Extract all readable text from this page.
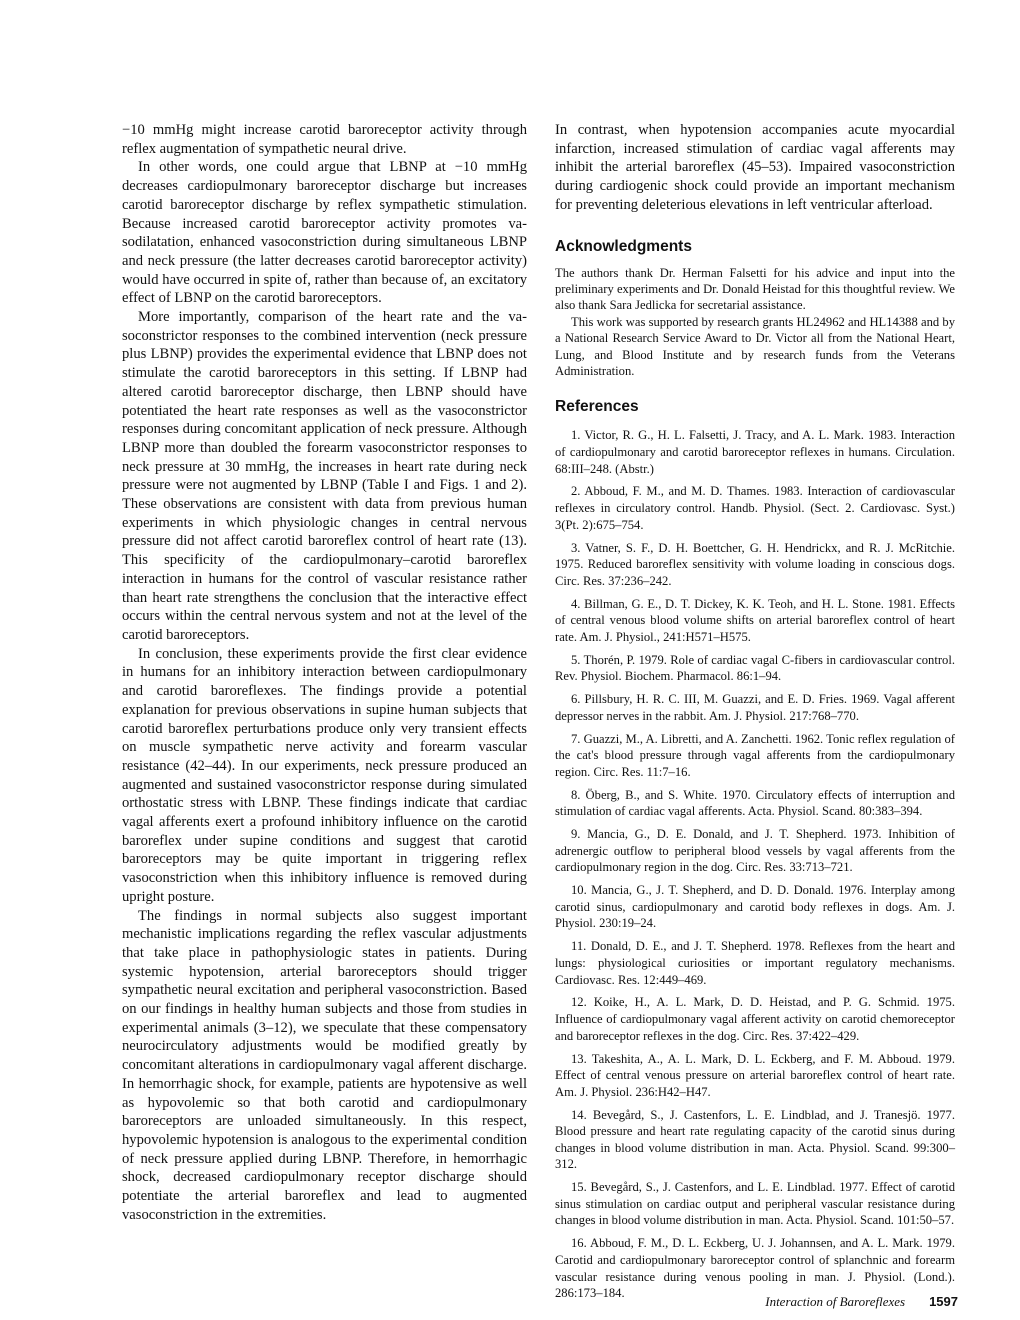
−10 mmHg might increase carotid baroreceptor activity through reflex augmentation of sympathetic neural drive.

In other words, one could argue that LBNP at −10 mmHg decreases cardiopulmonary baroreceptor discharge but increases carotid baroreceptor discharge by reflex sympathetic stimulation. Because increased carotid baroreceptor activity promotes vasodilatation, enhanced vasoconstriction during simultaneous LBNP and neck pressure (the latter decreases carotid baroreceptor activity) would have occurred in spite of, rather than because of, an excitatory effect of LBNP on the carotid baroreceptors.

More importantly, comparison of the heart rate and the vasoconstrictor responses to the combined intervention (neck pressure plus LBNP) provides the experimental evidence that LBNP does not stimulate the carotid baroreceptors in this setting. If LBNP had altered carotid baroreceptor discharge, then LBNP should have potentiated the heart rate responses as well as the vasoconstrictor responses during concomitant application of neck pressure. Although LBNP more than doubled the forearm vasoconstrictor responses to neck pressure at 30 mmHg, the increases in heart rate during neck pressure were not augmented by LBNP (Table I and Figs. 1 and 2). These observations are consistent with data from previous human experiments in which physiologic changes in central nervous pressure did not affect carotid baroreflex control of heart rate (13). This specificity of the cardiopulmonary–carotid baroreflex interaction in humans for the control of vascular resistance rather than heart rate strengthens the conclusion that the interactive effect occurs within the central nervous system and not at the level of the carotid baroreceptors.

In conclusion, these experiments provide the first clear evidence in humans for an inhibitory interaction between cardiopulmonary and carotid baroreflexes. The findings provide a potential explanation for previous observations in supine human subjects that carotid baroreflex perturbations produce only very transient effects on muscle sympathetic nerve activity and forearm vascular resistance (42–44). In our experiments, neck pressure produced an augmented and sustained vasoconstrictor response during simulated orthostatic stress with LBNP. These findings indicate that cardiac vagal afferents exert a profound inhibitory influence on the carotid baroreflex under supine conditions and suggest that carotid baroreceptors may be quite important in triggering reflex vasoconstriction when this inhibitory influence is removed during upright posture.

The findings in normal subjects also suggest important mechanistic implications regarding the reflex vascular adjustments that take place in pathophysiologic states in patients. During systemic hypotension, arterial baroreceptors should trigger sympathetic neural excitation and peripheral vasoconstriction. Based on our findings in healthy human subjects and those from studies in experimental animals (3–12), we speculate that these compensatory neurocirculatory adjustments would be modified greatly by concomitant alterations in cardiopulmonary vagal afferent discharge. In hemorrhagic shock, for example, patients are hypotensive as well as hypovolemic so that both carotid and cardiopulmonary baroreceptors are unloaded simultaneously. In this respect, hypovolemic hypotension is analogous to the experimental condition of neck pressure applied during LBNP. Therefore, in hemorrhagic shock, decreased cardiopulmonary receptor discharge should potentiate the arterial baroreflex and lead to augmented vasoconstriction in the extremities.

In contrast, when hypotension accompanies acute myocardial infarction, increased stimulation of cardiac vagal afferents may inhibit the arterial baroreflex (45–53). Impaired vasoconstriction during cardiogenic shock could provide an important mechanism for preventing deleterious elevations in left ventricular afterload.

Acknowledgments

The authors thank Dr. Herman Falsetti for his advice and input into the preliminary experiments and Dr. Donald Heistad for this thoughtful review. We also thank Sara Jedlicka for secretarial assistance.

This work was supported by research grants HL24962 and HL14388 and by a National Research Service Award to Dr. Victor all from the National Heart, Lung, and Blood Institute and by research funds from the Veterans Administration.

References
1. Victor, R. G., H. L. Falsetti, J. Tracy, and A. L. Mark. 1983. Interaction of cardiopulmonary and carotid baroreceptor reflexes in humans. Circulation. 68:III–248. (Abstr.)
2. Abboud, F. M., and M. D. Thames. 1983. Interaction of cardiovascular reflexes in circulatory control. Handb. Physiol. (Sect. 2. Cardiovasc. Syst.) 3(Pt. 2):675–754.
3. Vatner, S. F., D. H. Boettcher, G. H. Hendrickx, and R. J. McRitchie. 1975. Reduced baroreflex sensitivity with volume loading in conscious dogs. Circ. Res. 37:236–242.
4. Billman, G. E., D. T. Dickey, K. K. Teoh, and H. L. Stone. 1981. Effects of central venous blood volume shifts on arterial baroreflex control of heart rate. Am. J. Physiol., 241:H571–H575.
5. Thorén, P. 1979. Role of cardiac vagal C-fibers in cardiovascular control. Rev. Physiol. Biochem. Pharmacol. 86:1–94.
6. Pillsbury, H. R. C. III, M. Guazzi, and E. D. Fries. 1969. Vagal afferent depressor nerves in the rabbit. Am. J. Physiol. 217:768–770.
7. Guazzi, M., A. Libretti, and A. Zanchetti. 1962. Tonic reflex regulation of the cat's blood pressure through vagal afferents from the cardiopulmonary region. Circ. Res. 11:7–16.
8. Öberg, B., and S. White. 1970. Circulatory effects of interruption and stimulation of cardiac vagal afferents. Acta. Physiol. Scand. 80:383–394.
9. Mancia, G., D. E. Donald, and J. T. Shepherd. 1973. Inhibition of adrenergic outflow to peripheral blood vessels by vagal afferents from the cardiopulmonary region in the dog. Circ. Res. 33:713–721.
10. Mancia, G., J. T. Shepherd, and D. D. Donald. 1976. Interplay among carotid sinus, cardiopulmonary and carotid body reflexes in dogs. Am. J. Physiol. 230:19–24.
11. Donald, D. E., and J. T. Shepherd. 1978. Reflexes from the heart and lungs: physiological curiosities or important regulatory mechanisms. Cardiovasc. Res. 12:449–469.
12. Koike, H., A. L. Mark, D. D. Heistad, and P. G. Schmid. 1975. Influence of cardiopulmonary vagal afferent activity on carotid chemoreceptor and baroreceptor reflexes in the dog. Circ. Res. 37:422–429.
13. Takeshita, A., A. L. Mark, D. L. Eckberg, and F. M. Abboud. 1979. Effect of central venous pressure on arterial baroreflex control of heart rate. Am. J. Physiol. 236:H42–H47.
14. Bevegård, S., J. Castenfors, L. E. Lindblad, and J. Tranesjö. 1977. Blood pressure and heart rate regulating capacity of the carotid sinus during changes in blood volume distribution in man. Acta. Physiol. Scand. 99:300–312.
15. Bevegård, S., J. Castenfors, and L. E. Lindblad. 1977. Effect of carotid sinus stimulation on cardiac output and peripheral vascular resistance during changes in blood volume distribution in man. Acta. Physiol. Scand. 101:50–57.
16. Abboud, F. M., D. L. Eckberg, U. J. Johannsen, and A. L. Mark. 1979. Carotid and cardiopulmonary baroreceptor control of splanchnic and forearm vascular resistance during venous pooling in man. J. Physiol. (Lond.). 286:173–184.
Interaction of Baroreflexes 1597
